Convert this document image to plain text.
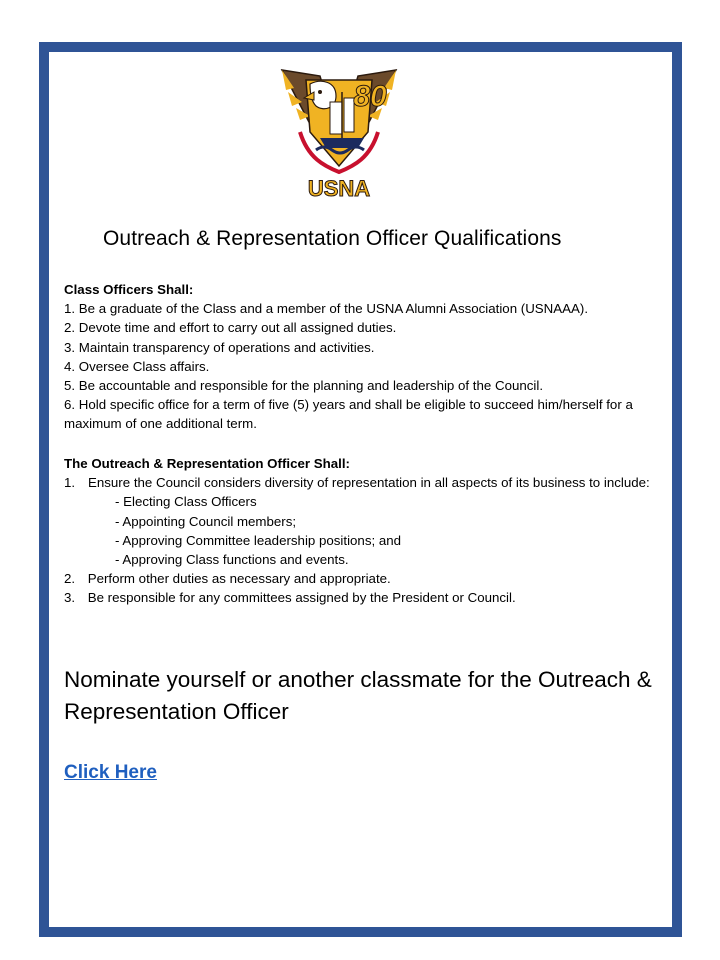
80
USNA
Outreach & Representation Officer Qualifications
Class Officers Shall:
1. Be a graduate of the Class and a member of the USNA Alumni Association (USNAAA).
2. Devote time and effort to carry out all assigned duties.
3. Maintain transparency of operations and activities.
4. Oversee Class affairs.
5. Be accountable and responsible for the planning and leadership of the Council.
6. Hold specific office for a term of five (5) years and shall be eligible to succeed him/herself for a maximum of one additional term.
The Outreach & Representation Officer Shall:
1. Ensure the Council considers diversity of representation in all aspects of its business to include:
- Electing Class Officers
- Appointing Council members;
- Approving Committee leadership positions; and
- Approving Class functions and events.
2. Perform other duties as necessary and appropriate.
3. Be responsible for any committees assigned by the President or Council.
Nominate yourself or another classmate for the Outreach & Representation Officer
Click Here
